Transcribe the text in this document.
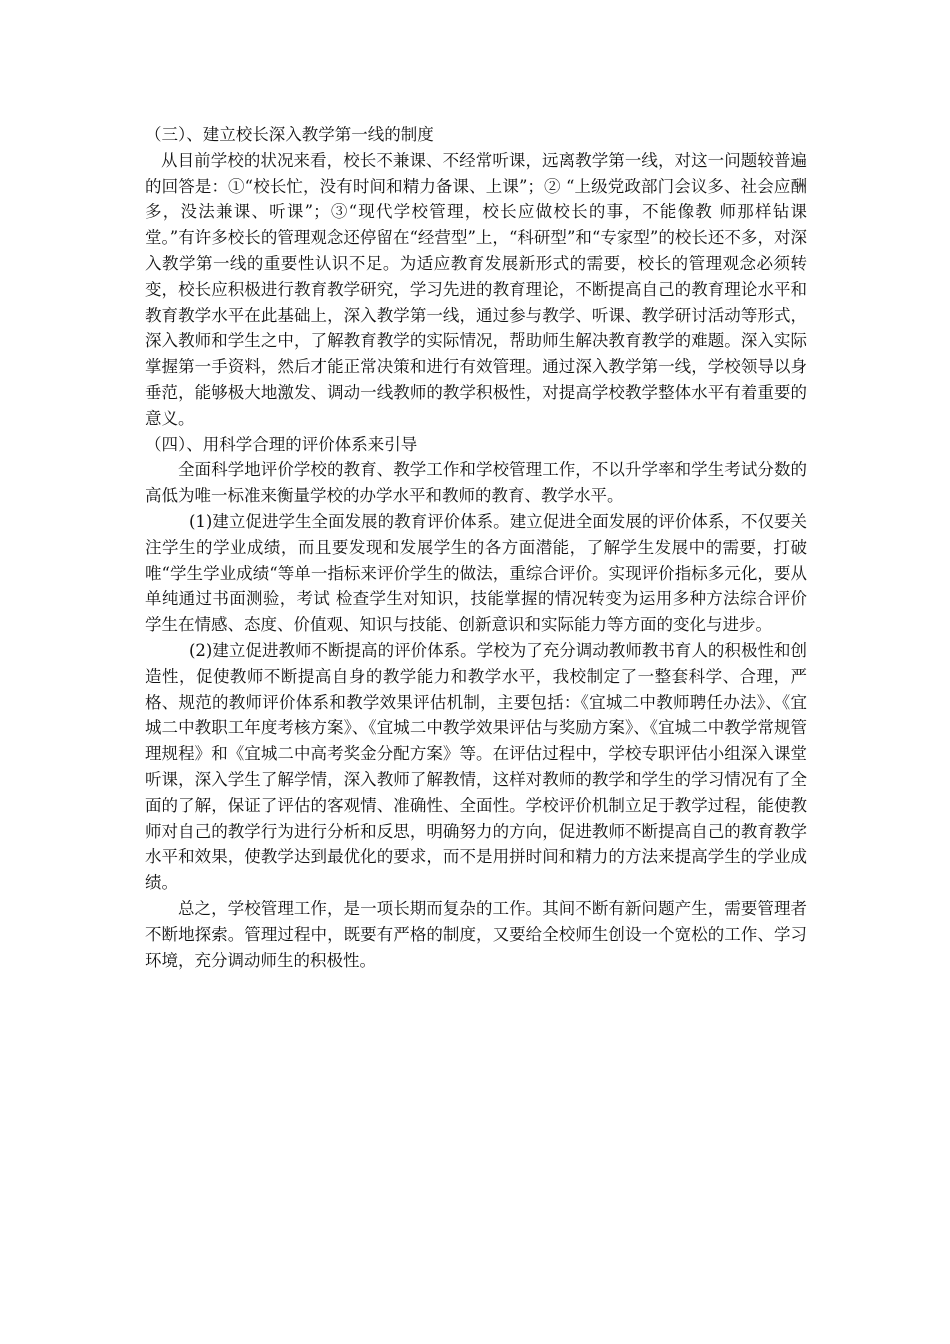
（三）、建立校长深入教学第一线的制度

从目前学校的状况来看，校长不兼课、不经常听课，远离教学第一线，对这一问题较普遍的回答是：①“校长忙，没有时间和精力备课、上课”；② “上级党政部门会议多、社会应酬多，没法兼课、听课”；③“现代学校管理，校长应做校长的事，不能像教 师那样钻课堂。”有许多校长的管理观念还停留在“经营型”上，“科研型”和“专家型”的校长还不多，对深入教学第一线的重要性认识不足。为适应教育发展新形式的需要，校长的管理观念必须转变，校长应积极进行教育教学研究，学习先进的教育理论，不断提高自己的教育理论水平和教育教学水平在此基础上，深入教学第一线，通过参与教学、听课、教学研讨活动等形式，深入教师和学生之中，了解教育教学的实际情况，帮助师生解决教育教学的难题。深入实际掌握第一手资料，然后才能正常决策和进行有效管理。通过深入教学第一线，学校领导以身垂范，能够极大地激发、调动一线教师的教学积极性，对提高学校教学整体水平有着重要的意义。

（四）、用科学合理的评价体系来引导

全面科学地评价学校的教育、教学工作和学校管理工作，不以升学率和学生考试分数的高低为唯一标准来衡量学校的办学水平和教师的教育、教学水平。

(1)建立促进学生全面发展的教育评价体系。建立促进全面发展的评价体系，不仅要关注学生的学业成绩，而且要发现和发展学生的各方面潜能，了解学生发展中的需要，打破唯“学生学业成绩“等单一指标来评价学生的做法，重综合评价。实现评价指标多元化，要从单纯通过书面测验，考试 检查学生对知识，技能掌握的情况转变为运用多种方法综合评价学生在情感、态度、价值观、知识与技能、创新意识和实际能力等方面的变化与进步。

(2)建立促进教师不断提高的评价体系。学校为了充分调动教师教书育人的积极性和创造性，促使教师不断提高自身的教学能力和教学水平，我校制定了一整套科学、合理，严格、规范的教师评价体系和教学效果评估机制，主要包括：《宜城二中教师聘任办法》、《宜城二中教职工年度考核方案》、《宜城二中教学效果评估与奖励方案》、《宜城二中教学常规管理规程》和《宜城二中高考奖金分配方案》等。在评估过程中，学校专职评估小组深入课堂听课，深入学生了解学情，深入教师了解教情，这样对教师的教学和学生的学习情况有了全面的了解，保证了评估的客观情、准确性、全面性。学校评价机制立足于教学过程，能使教师对自己的教学行为进行分析和反思，明确努力的方向，促进教师不断提高自己的教育教学水平和效果，使教学达到最优化的要求，而不是用拼时间和精力的方法来提高学生的学业成绩。

总之，学校管理工作，是一项长期而复杂的工作。其间不断有新问题产生，需要管理者不断地探索。管理过程中，既要有严格的制度，又要给全校师生创设一个宽松的工作、学习环境，充分调动师生的积极性。
